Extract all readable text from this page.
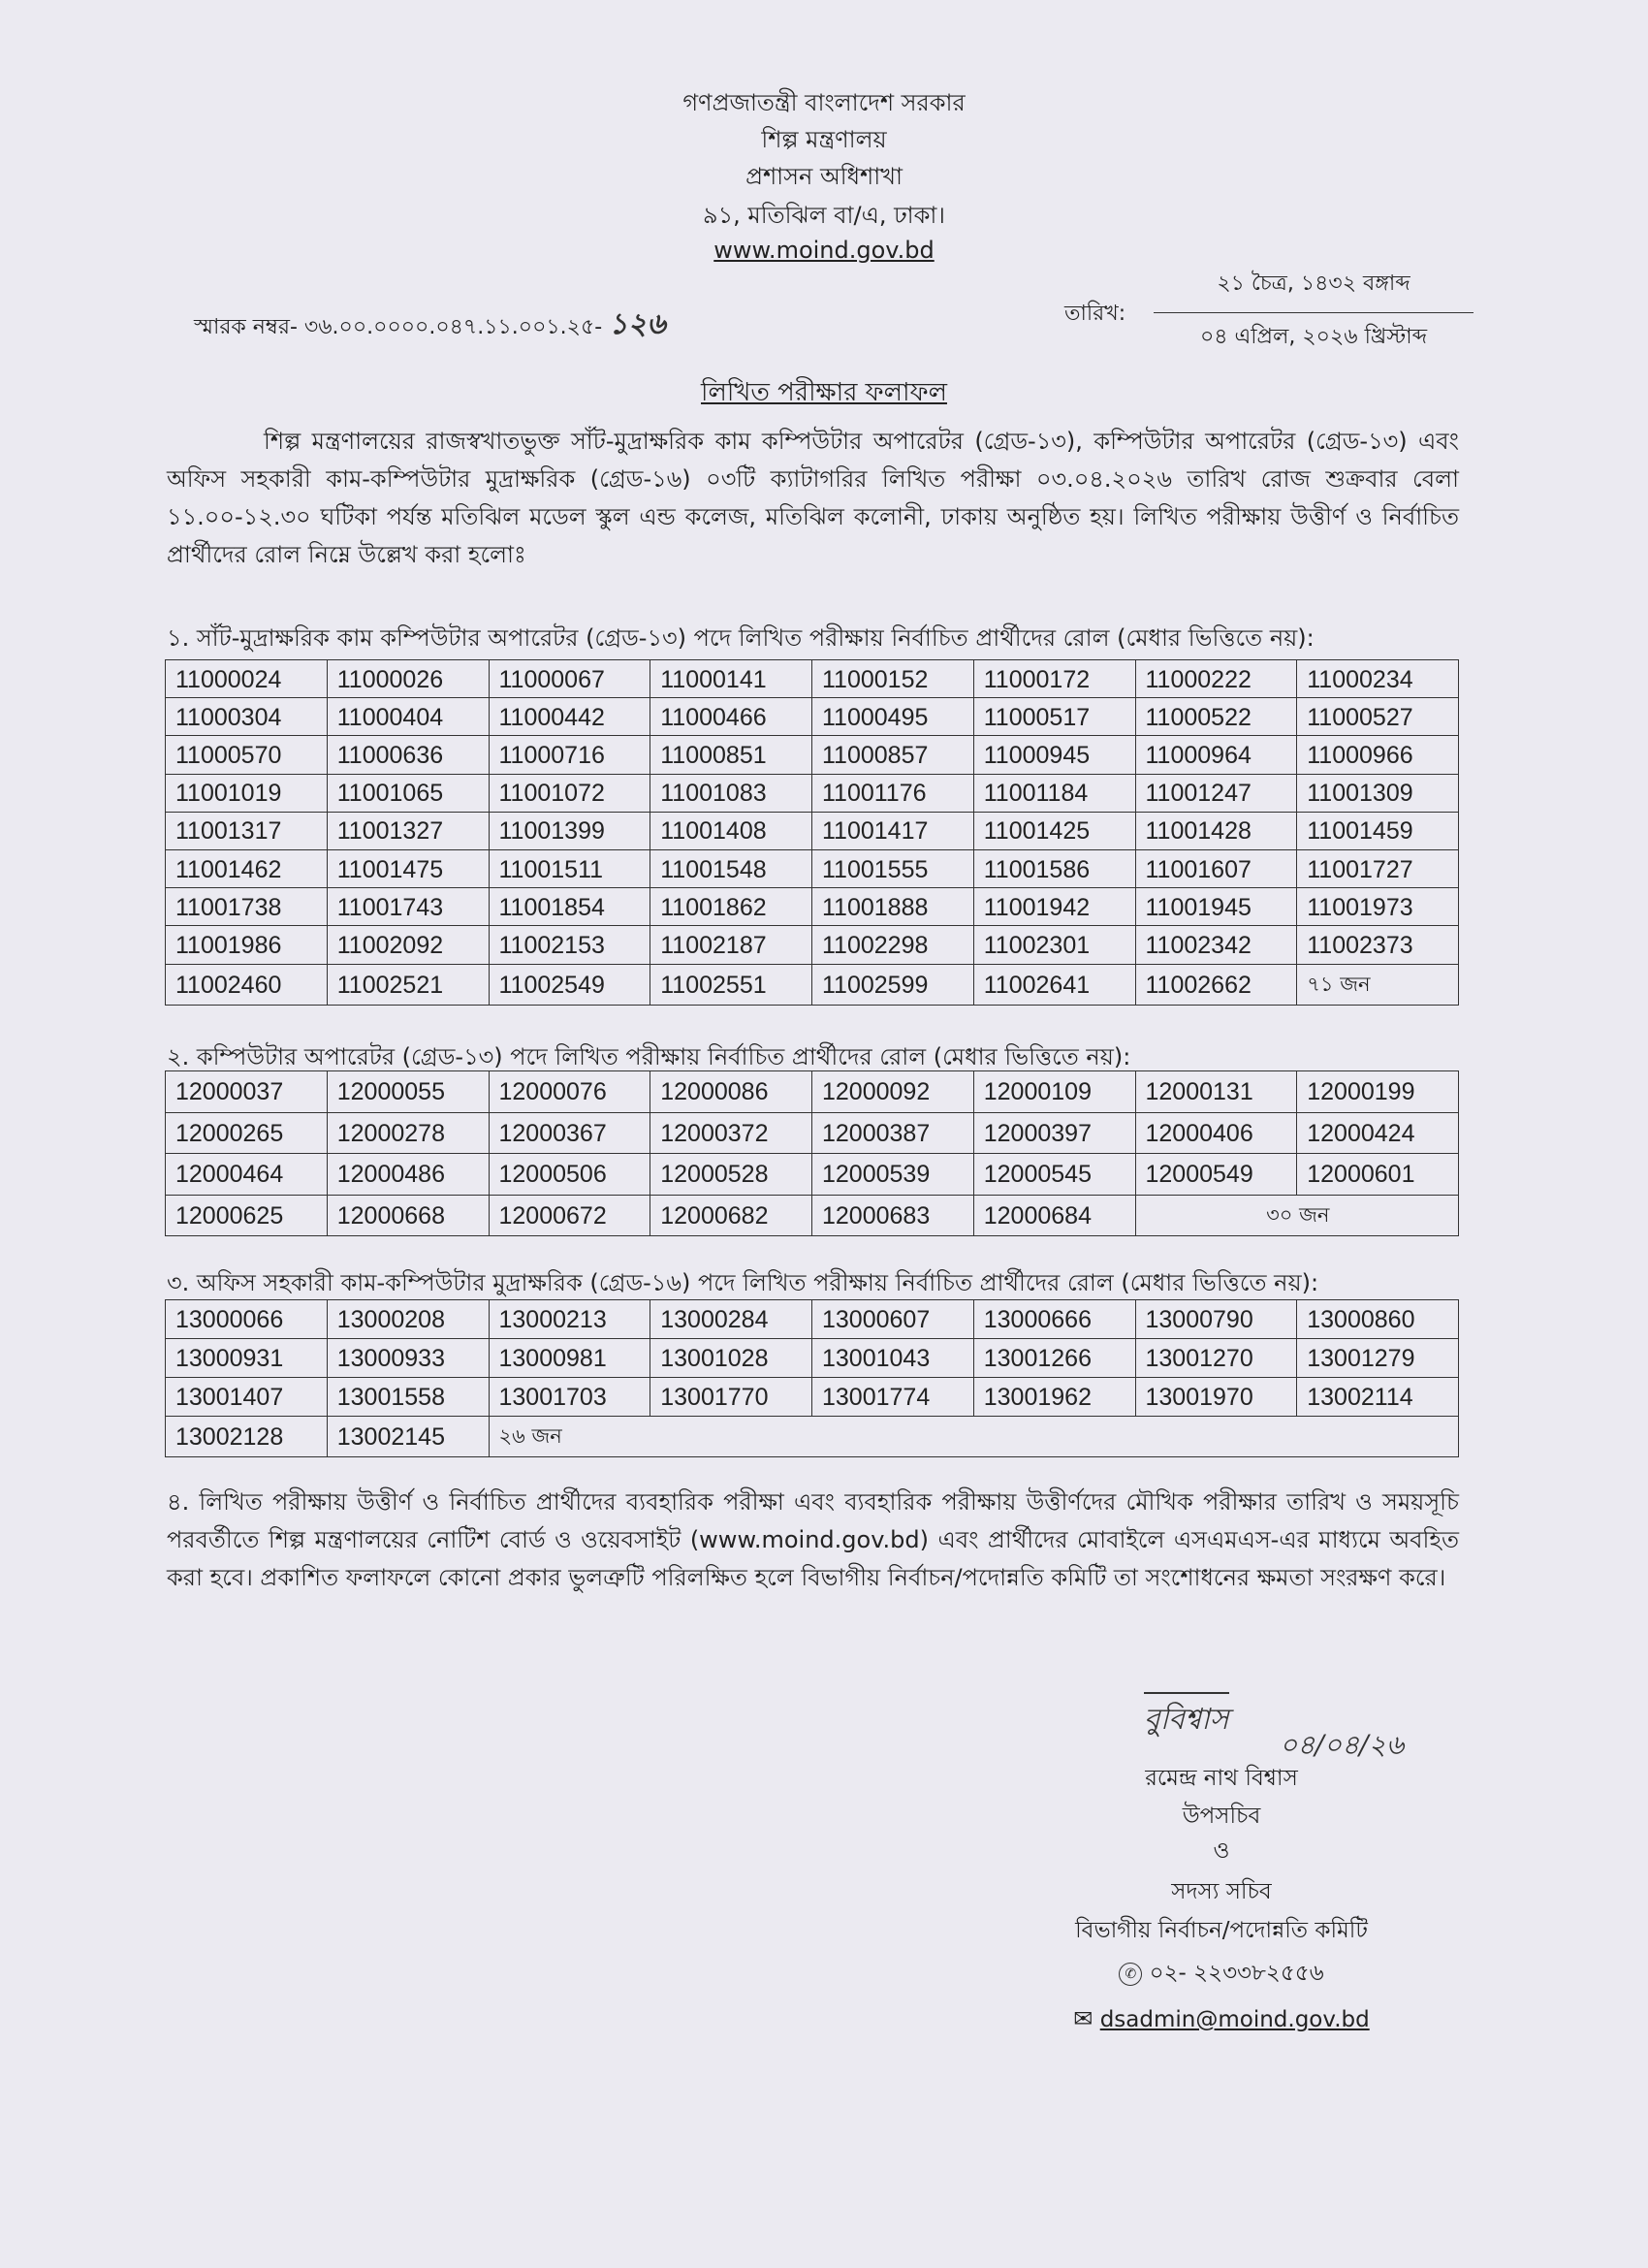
গণপ্রজাতন্ত্রী বাংলাদেশ সরকার
শিল্প মন্ত্রণালয়
প্রশাসন অধিশাখা
৯১, মতিঝিল বা/এ, ঢাকা।
www.moind.gov.bd
স্মারক নম্বর- ৩৬.০০.০০০০.০৪৭.১১.০০১.২৫- ১২৬	তারিখ:
২১ চৈত্র, ১৪৩২ বঙ্গাব্দ
০৪ এপ্রিল, ২০২৬ খ্রিস্টাব্দ
লিখিত পরীক্ষার ফলাফল
শিল্প মন্ত্রণালয়ের রাজস্বখাতভুক্ত সাঁট-মুদ্রাক্ষরিক কাম কম্পিউটার অপারেটর (গ্রেড-১৩), কম্পিউটার অপারেটর (গ্রেড-১৩) এবং অফিস সহকারী কাম-কম্পিউটার মুদ্রাক্ষরিক (গ্রেড-১৬) ০৩টি ক্যাটাগরির লিখিত পরীক্ষা ০৩.০৪.২০২৬ তারিখ রোজ শুক্রবার বেলা ১১.০০-১২.৩০ ঘটিকা পর্যন্ত মতিঝিল মডেল স্কুল এন্ড কলেজ, মতিঝিল কলোনী, ঢাকায় অনুষ্ঠিত হয়। লিখিত পরীক্ষায় উত্তীর্ণ ও নির্বাচিত প্রার্থীদের রোল নিম্নে উল্লেখ করা হলোঃ
১. সাঁট-মুদ্রাক্ষরিক কাম কম্পিউটার অপারেটর (গ্রেড-১৩) পদে লিখিত পরীক্ষায় নির্বাচিত প্রার্থীদের রোল (মেধার ভিত্তিতে নয়):
11000024	11000026	11000067	11000141	11000152	11000172	11000222	11000234
11000304	11000404	11000442	11000466	11000495	11000517	11000522	11000527
11000570	11000636	11000716	11000851	11000857	11000945	11000964	11000966
11001019	11001065	11001072	11001083	11001176	11001184	11001247	11001309
11001317	11001327	11001399	11001408	11001417	11001425	11001428	11001459
11001462	11001475	11001511	11001548	11001555	11001586	11001607	11001727
11001738	11001743	11001854	11001862	11001888	11001942	11001945	11001973
11001986	11002092	11002153	11002187	11002298	11002301	11002342	11002373
11002460	11002521	11002549	11002551	11002599	11002641	11002662	৭১ জন
২. কম্পিউটার অপারেটর (গ্রেড-১৩) পদে লিখিত পরীক্ষায় নির্বাচিত প্রার্থীদের রোল (মেধার ভিত্তিতে নয়):
12000037	12000055	12000076	12000086	12000092	12000109	12000131	12000199
12000265	12000278	12000367	12000372	12000387	12000397	12000406	12000424
12000464	12000486	12000506	12000528	12000539	12000545	12000549	12000601
12000625	12000668	12000672	12000682	12000683	12000684	৩০ জন	
৩. অফিস সহকারী কাম-কম্পিউটার মুদ্রাক্ষরিক (গ্রেড-১৬) পদে লিখিত পরীক্ষায় নির্বাচিত প্রার্থীদের রোল (মেধার ভিত্তিতে নয়):
13000066	13000208	13000213	13000284	13000607	13000666	13000790	13000860
13000931	13000933	13000981	13001028	13001043	13001266	13001270	13001279
13001407	13001558	13001703	13001770	13001774	13001962	13001970	13002114
13002128	13002145	২৬ জন					
৪. লিখিত পরীক্ষায় উত্তীর্ণ ও নির্বাচিত প্রার্থীদের ব্যবহারিক পরীক্ষা এবং ব্যবহারিক পরীক্ষায় উত্তীর্ণদের মৌখিক পরীক্ষার তারিখ ও সময়সূচি পরবর্তীতে শিল্প মন্ত্রণালয়ের নোটিশ বোর্ড ও ওয়েবসাইট (www.moind.gov.bd) এবং প্রার্থীদের মোবাইলে এসএমএস-এর মাধ্যমে অবহিত করা হবে। প্রকাশিত ফলাফলে কোনো প্রকার ভুলত্রুটি পরিলক্ষিত হলে বিভাগীয় নির্বাচন/পদোন্নতি কমিটি তা সংশোধনের ক্ষমতা সংরক্ষণ করে।
বুবিশ্বাস
০৪/০৪/২৬
রমেন্দ্র নাথ বিশ্বাস
উপসচিব
ও
সদস্য সচিব
বিভাগীয় নির্বাচন/পদোন্নতি কমিটি
✆ ০২- ২২৩৩৮২৫৫৬
✉ dsadmin@moind.gov.bd
